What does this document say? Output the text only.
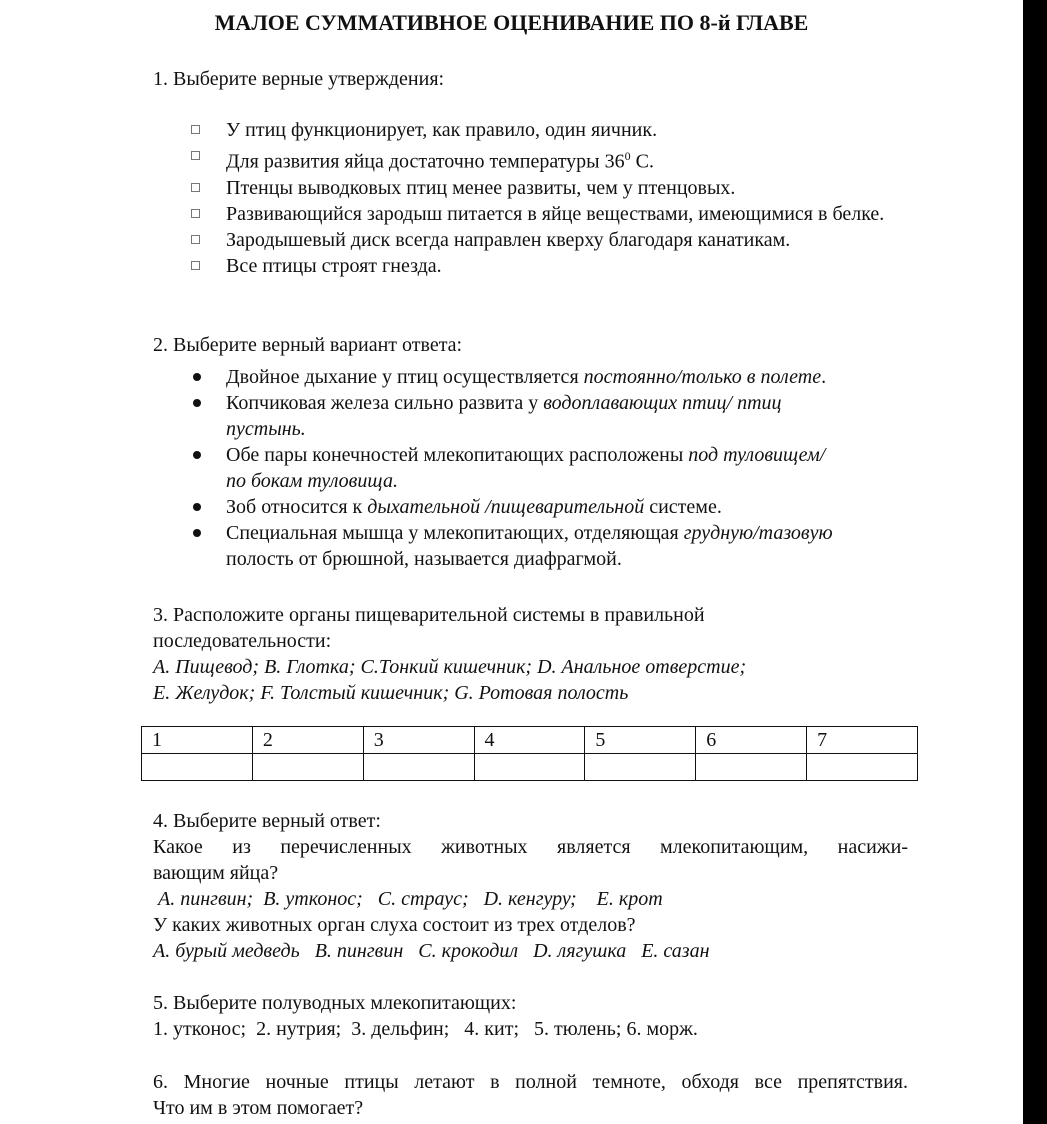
МАЛОЕ СУММАТИВНОЕ ОЦЕНИВАНИЕ ПО 8-й ГЛАВЕ

1. Выберите верные утверждения:

У птиц функционирует, как правило, один яичник.
Для развития яйца достаточно температуры $36^0$ С.
Птенцы выводковых птиц менее развиты, чем у птенцовых.
Развивающийся зародыш питается в яйце веществами, имеющимися в белке.
Зародышевый диск всегда направлен кверху благодаря канатикам.
Все птицы строят гнезда.

2. Выберите верный вариант ответа:

Двойное дыхание у птиц осуществляется постоянно/только в полете.
Копчиковая железа сильно развита у водоплавающих птиц/ птиц пустынь.
Обе пары конечностей млекопитающих расположены под туловищем/по бокам туловища.
Зоб относится к дыхательной /пищеварительной системе.
Специальная мышца у млекопитающих, отделяющая грудную/тазовую полость от брюшной, называется диафрагмой.

3. Расположите органы пищеварительной системы в правильной

последовательности:

А. Пищевод; В. Глотка; С.Тонкий кишечник; D. Анальное отверстие;

Е. Желудок; F. Толстый кишечник; G. Ротовая полость

1	2	3	4	5	6	7

4. Выберите верный ответ:

Какое из перечисленных животных является млекопитающим, насижи-

вающим яйца?

А. пингвин;  В. утконос;   С. страус;   D. кенгуру;    Е. крот

У каких животных орган слуха состоит из трех отделов?

А. бурый медведь   В. пингвин   С. крокодил   D. лягушка   Е. сазан

5. Выберите полуводных млекопитающих:

1. утконос;  2. нутрия;  3. дельфин;   4. кит;   5. тюлень; 6. морж.

6. Многие ночные птицы летают в полной темноте, обходя все препятствия.

Что им в этом помогает?
